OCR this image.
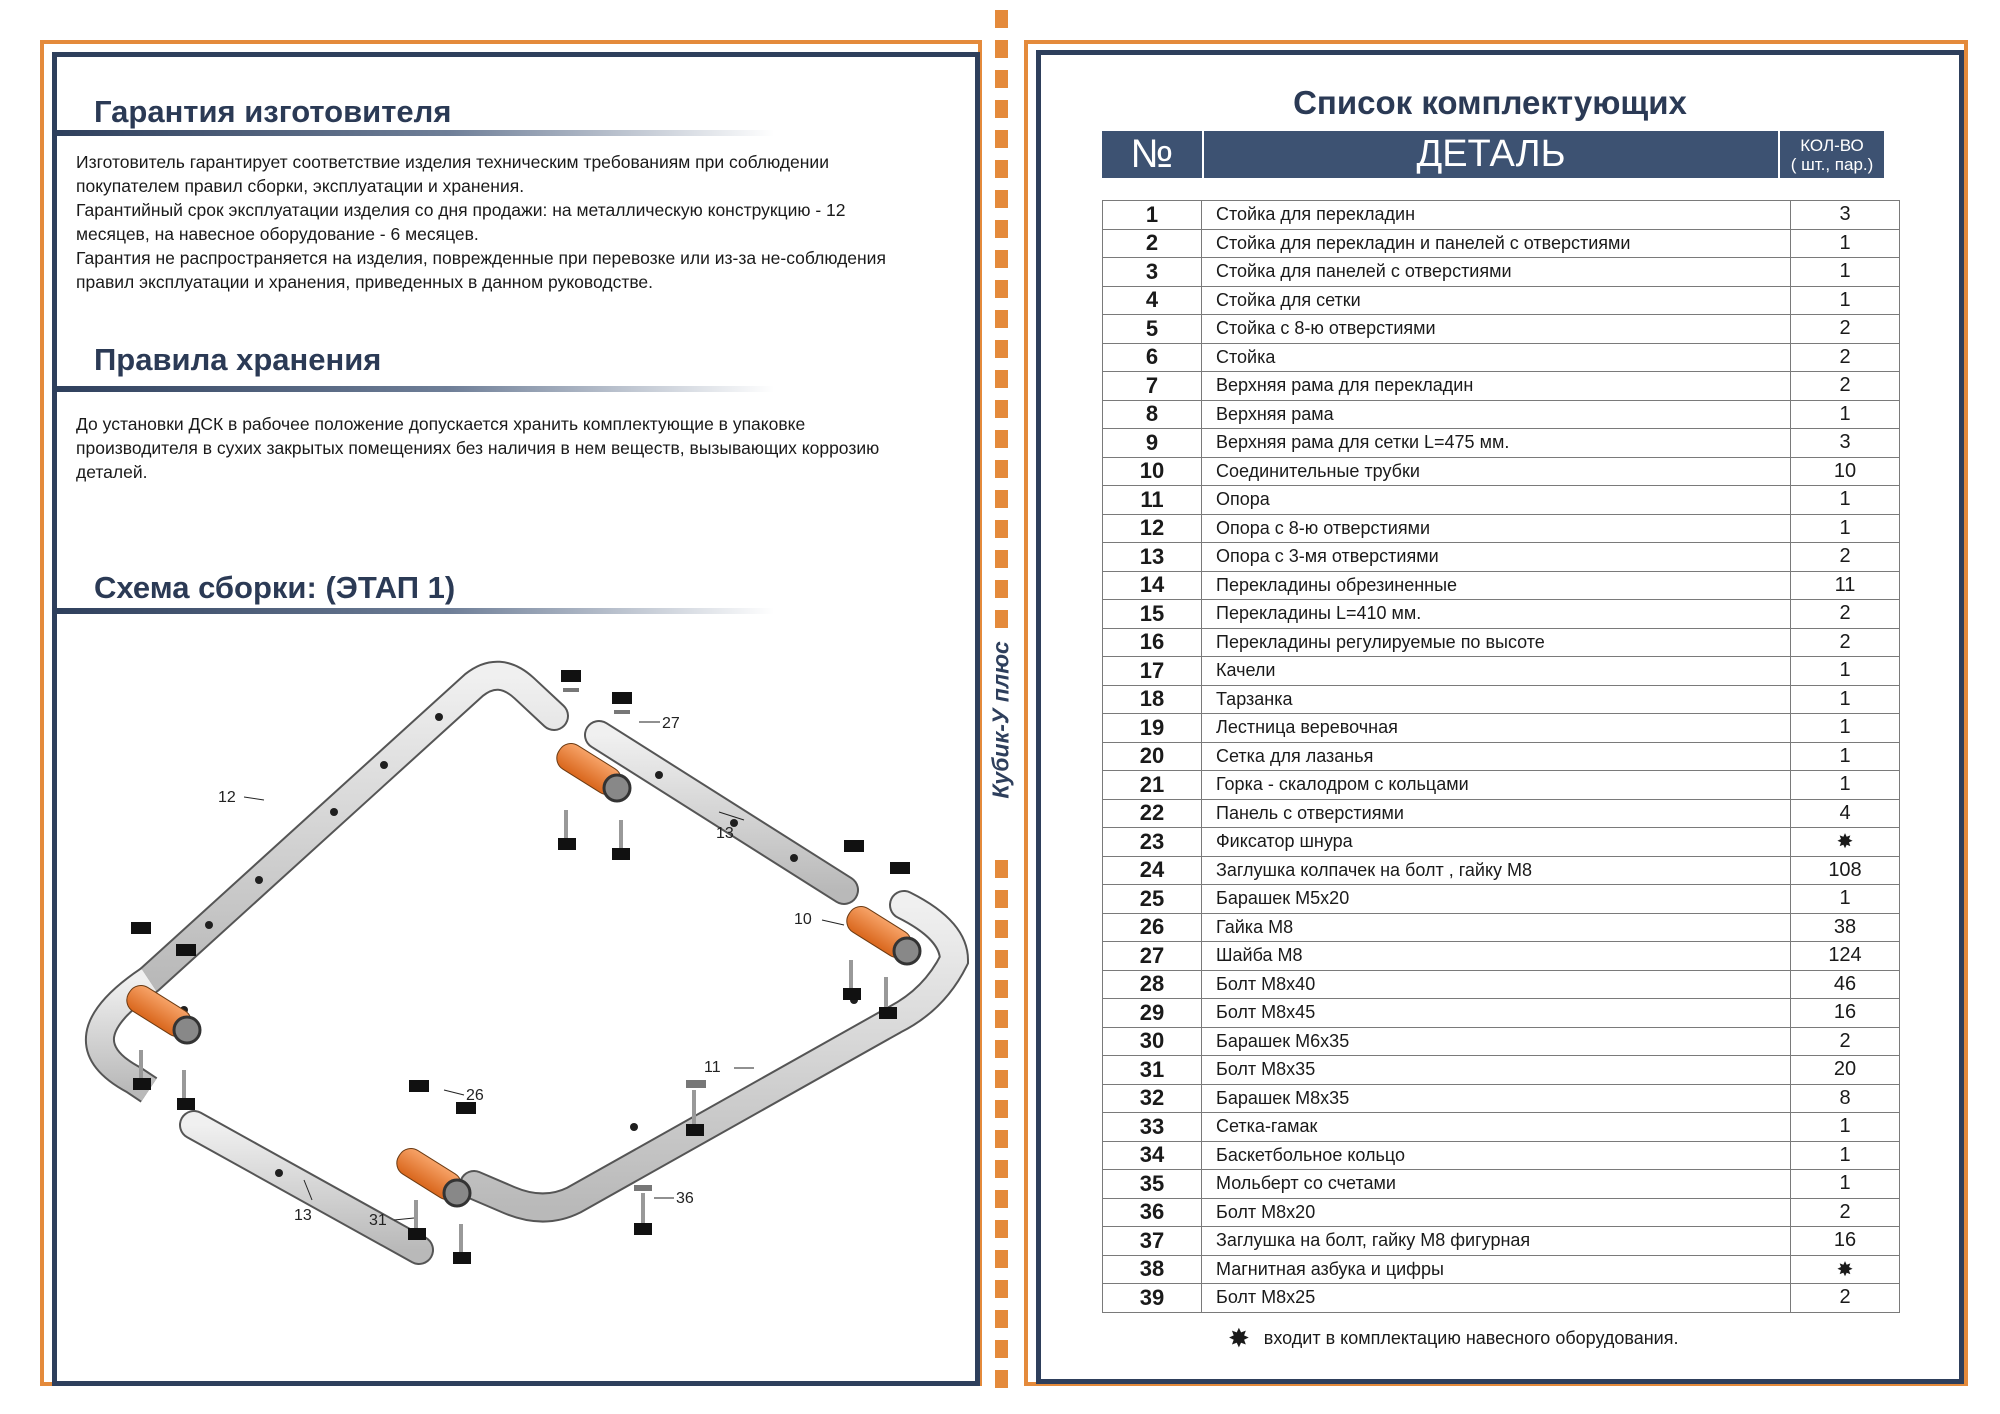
Гарантия изготовителя

Изготовитель гарантирует соответствие изделия техническим требованиям при соблюдении
покупателем правил сборки, эксплуатации и хранения.
Гарантийный срок эксплуатации изделия со дня продажи: на металлическую конструкцию - 12
месяцев, на навесное оборудование - 6 месяцев.
Гарантия не распространяется на изделия, поврежденные при перевозке или из-за не-соблюдения
правил эксплуатации и хранения, приведенных в данном руководстве.

Правила хранения

До установки ДСК в рабочее положение допускается хранить комплектующие в упаковке
производителя в сухих закрытых помещениях без наличия в нем веществ, вызывающих коррозию
деталей.

Схема сборки: (ЭТАП 1)
12
13
27
10
13
11
26
31
36
Кубик-У плюс
Список комплектующих
№	ДЕТАЛЬ	КОЛ-ВО
( шт., пар.)
1	Стойка для перекладин	3
2	Стойка для перекладин и панелей с отверстиями	1
3	Стойка для панелей с отверстиями	1
4	Стойка для сетки	1
5	Стойка с 8-ю отверстиями	2
6	Стойка	2
7	Верхняя рама для перекладин	2
8	Верхняя рама	1
9	Верхняя рама для сетки L=475 мм.	3
10	Соединительные трубки	10
11	Опора	1
12	Опора с 8-ю отверстиями	1
13	Опора с 3-мя отверстиями	2
14	Перекладины обрезиненные	11
15	Перекладины L=410 мм.	2
16	Перекладины регулируемые по высоте	2
17	Качели	1
18	Тарзанка	1
19	Лестница веревочная	1
20	Сетка для лазанья	1
21	Горка - скалодром с кольцами	1
22	Панель с отверстиями	4
23	Фиксатор шнура	✸
24	Заглушка колпачек на болт , гайку М8	108
25	Барашек М5х20	1
26	Гайка М8	38
27	Шайба М8	124
28	Болт М8х40	46
29	Болт М8х45	16
30	Барашек М6х35	2
31	Болт М8х35	20
32	Барашек М8х35	8
33	Сетка-гамак	1
34	Баскетбольное кольцо	1
35	Мольберт со счетами	1
36	Болт М8х20	2
37	Заглушка на болт, гайку М8 фигурная	16
38	Магнитная азбука и цифры	✸
39	Болт М8х25	2
✸ входит в комплектацию навесного оборудования.
